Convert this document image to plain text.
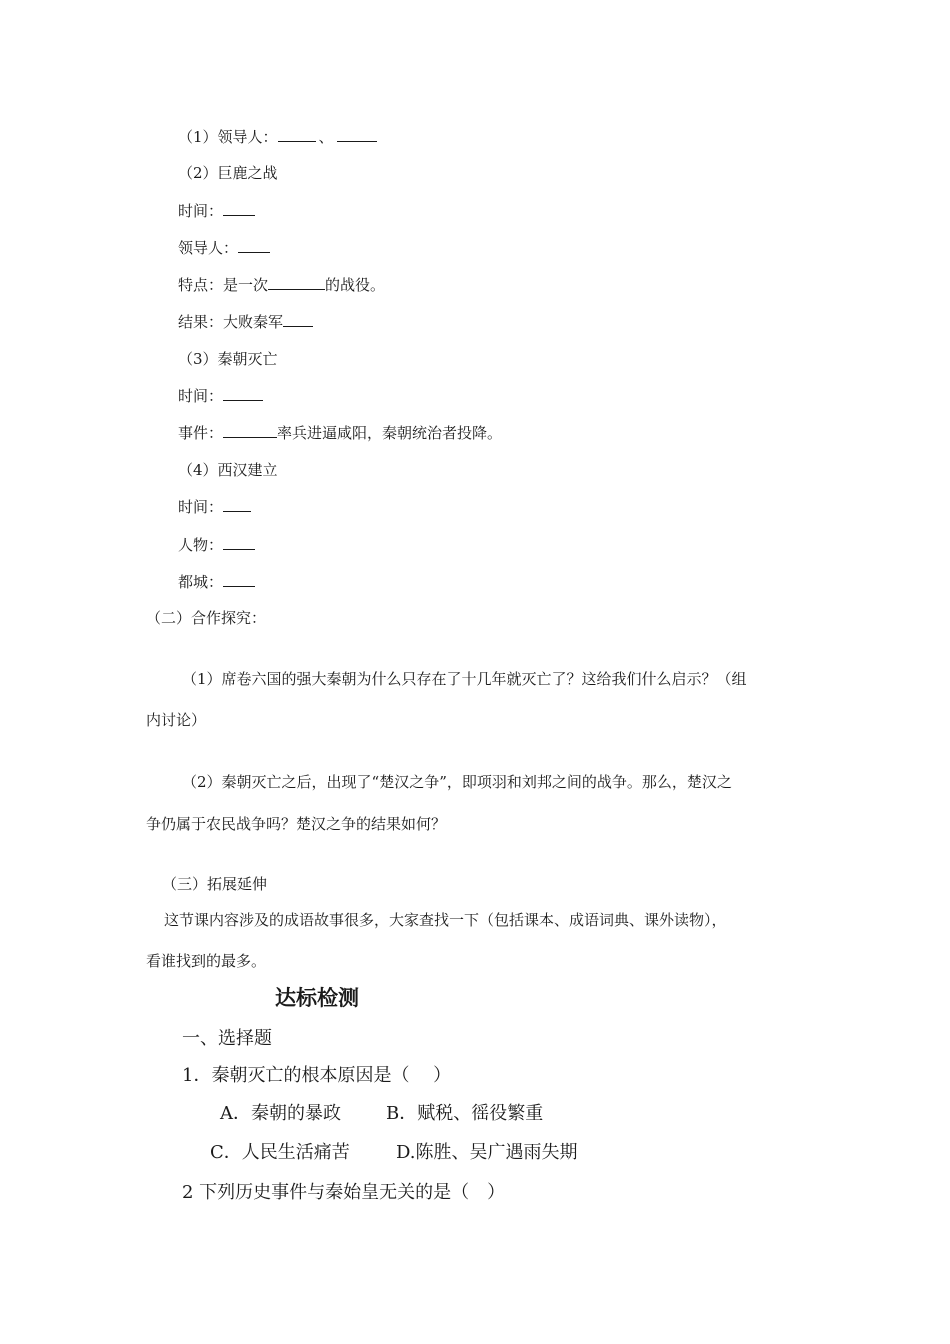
（1）领导人：	、
（2）巨鹿之战
时间：
领导人：
特点：是一次	的战役。
结果：大败秦军
（3）秦朝灭亡
时间：
事件：	率兵进逼咸阳，秦朝统治者投降。
（4）西汉建立
时间：
人物：
都城：
（二）合作探究：
（1）席卷六国的强大秦朝为什么只存在了十几年就灭亡了？这给我们什么启示？（组
内讨论）
（2）秦朝灭亡之后，出现了“楚汉之争”，即项羽和刘邦之间的战争。那么，楚汉之
争仍属于农民战争吗？楚汉之争的结果如何？
（三）拓展延伸
这节课内容涉及的成语故事很多，大家查找一下（包括课本、成语词典、课外读物），
看谁找到的最多。
达标检测
一、选择题
1．秦朝灭亡的根本原因是（　 ）
A．秦朝的暴政	B．赋税、徭役繁重
C．人民生活痛苦	D.陈胜、吴广遇雨失期
2 下列历史事件与秦始皇无关的是（　）
